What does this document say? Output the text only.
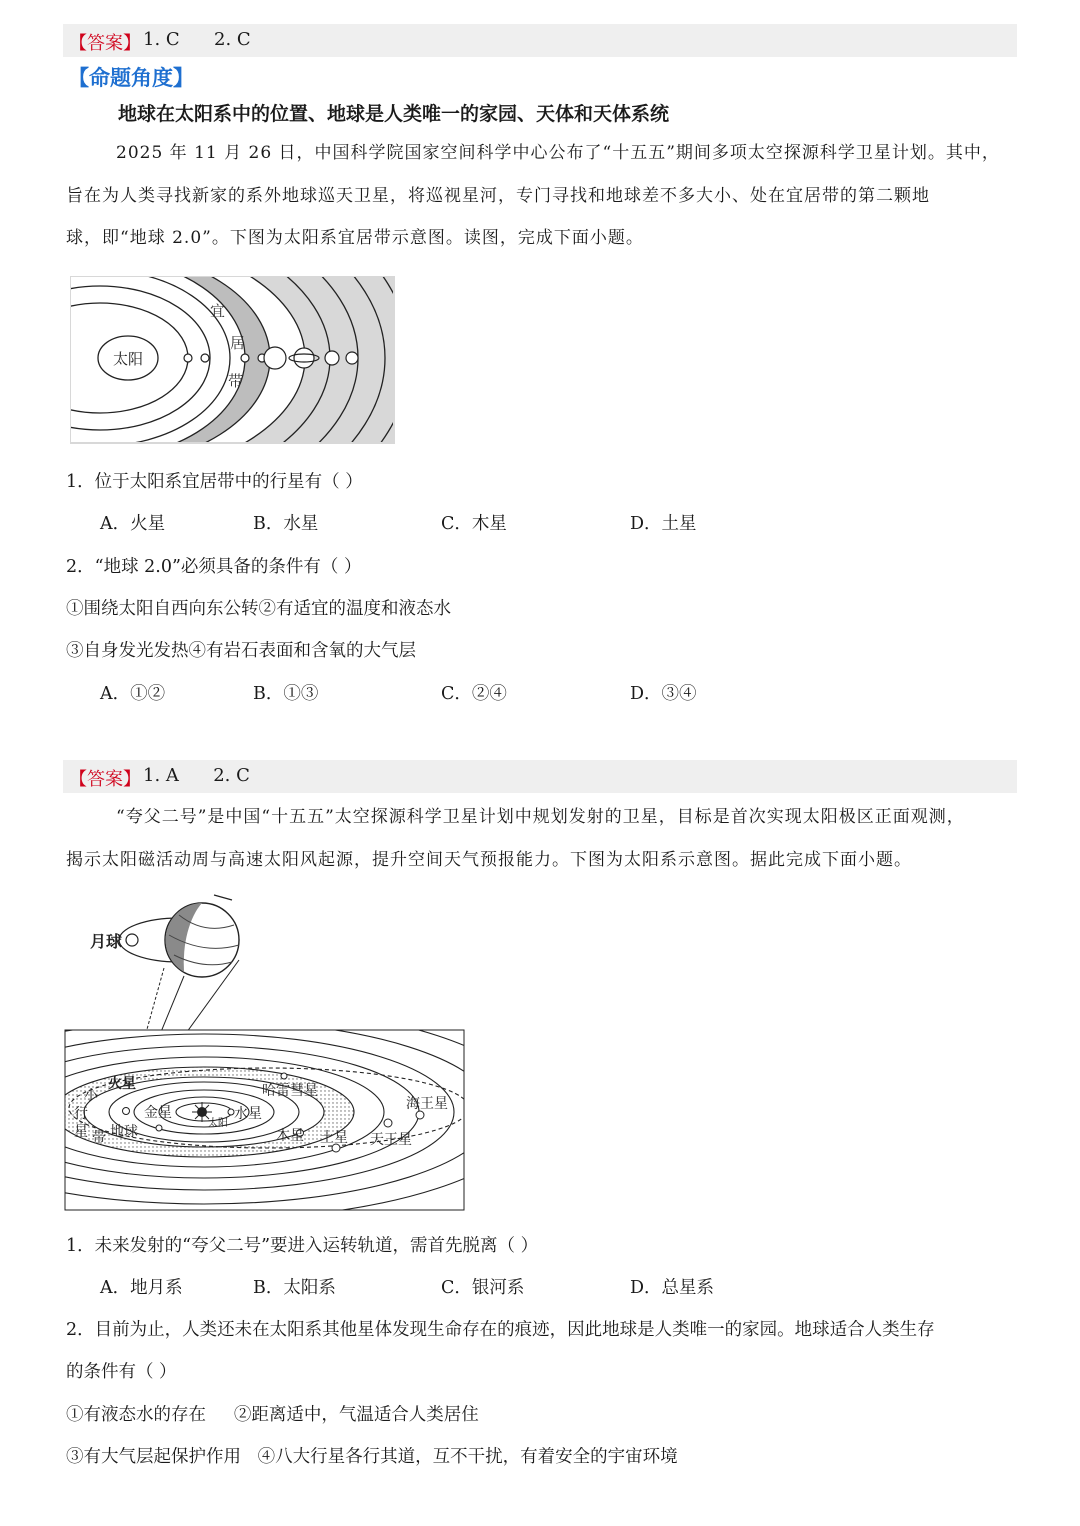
【答案】 1. C      2. C
【命题角度】
地球在太阳系中的位置、地球是人类唯一的家园、天体和天体系统

2025 年 11 月 26 日，中国科学院国家空间科学中心公布了“十五五”期间多项太空探源科学卫星计划。其中，

旨在为人类寻找新家的系外地球巡天卫星，将巡视星河，专门寻找和地球差不多大小、处在宜居带的第二颗地

球，即“地球 2.0”。下图为太阳系宜居带示意图。读图，完成下面小题。

太阳
宜
居
带
1．位于太阳系宜居带中的行星有（ ）
A．火星	B．水星	C．木星	D．土星
2．“地球 2.0”必须具备的条件有（ ）
①围绕太阳自西向东公转②有适宜的温度和液态水
③自身发光发热④有岩石表面和含氧的大气层
A．①②	B．①③	C．②④	D．③④
【答案】 1. A      2. C

“夸父二号”是中国“十五五”太空探源科学卫星计划中规划发射的卫星，目标是首次实现太阳极区正面观测，

揭示太阳磁活动周与高速太阳风起源，提升空间天气预报能力。下图为太阳系示意图。据此完成下面小题。

月球
火星	哈雷彗星
金星	水星
太阳
地球	木星 土星 天王星
海王星
小
行
星 带
1．未来发射的“夸父二号”要进入运转轨道，需首先脱离（ ）
A．地月系	B．太阳系	C．银河系	D．总星系
2．目前为止，人类还未在太阳系其他星体发现生命存在的痕迹，因此地球是人类唯一的家园。地球适合人类生存
的条件有（ ）
①有液态水的存在     ②距离适中，气温适合人类居住
③有大气层起保护作用   ④八大行星各行其道，互不干扰，有着安全的宇宙环境
